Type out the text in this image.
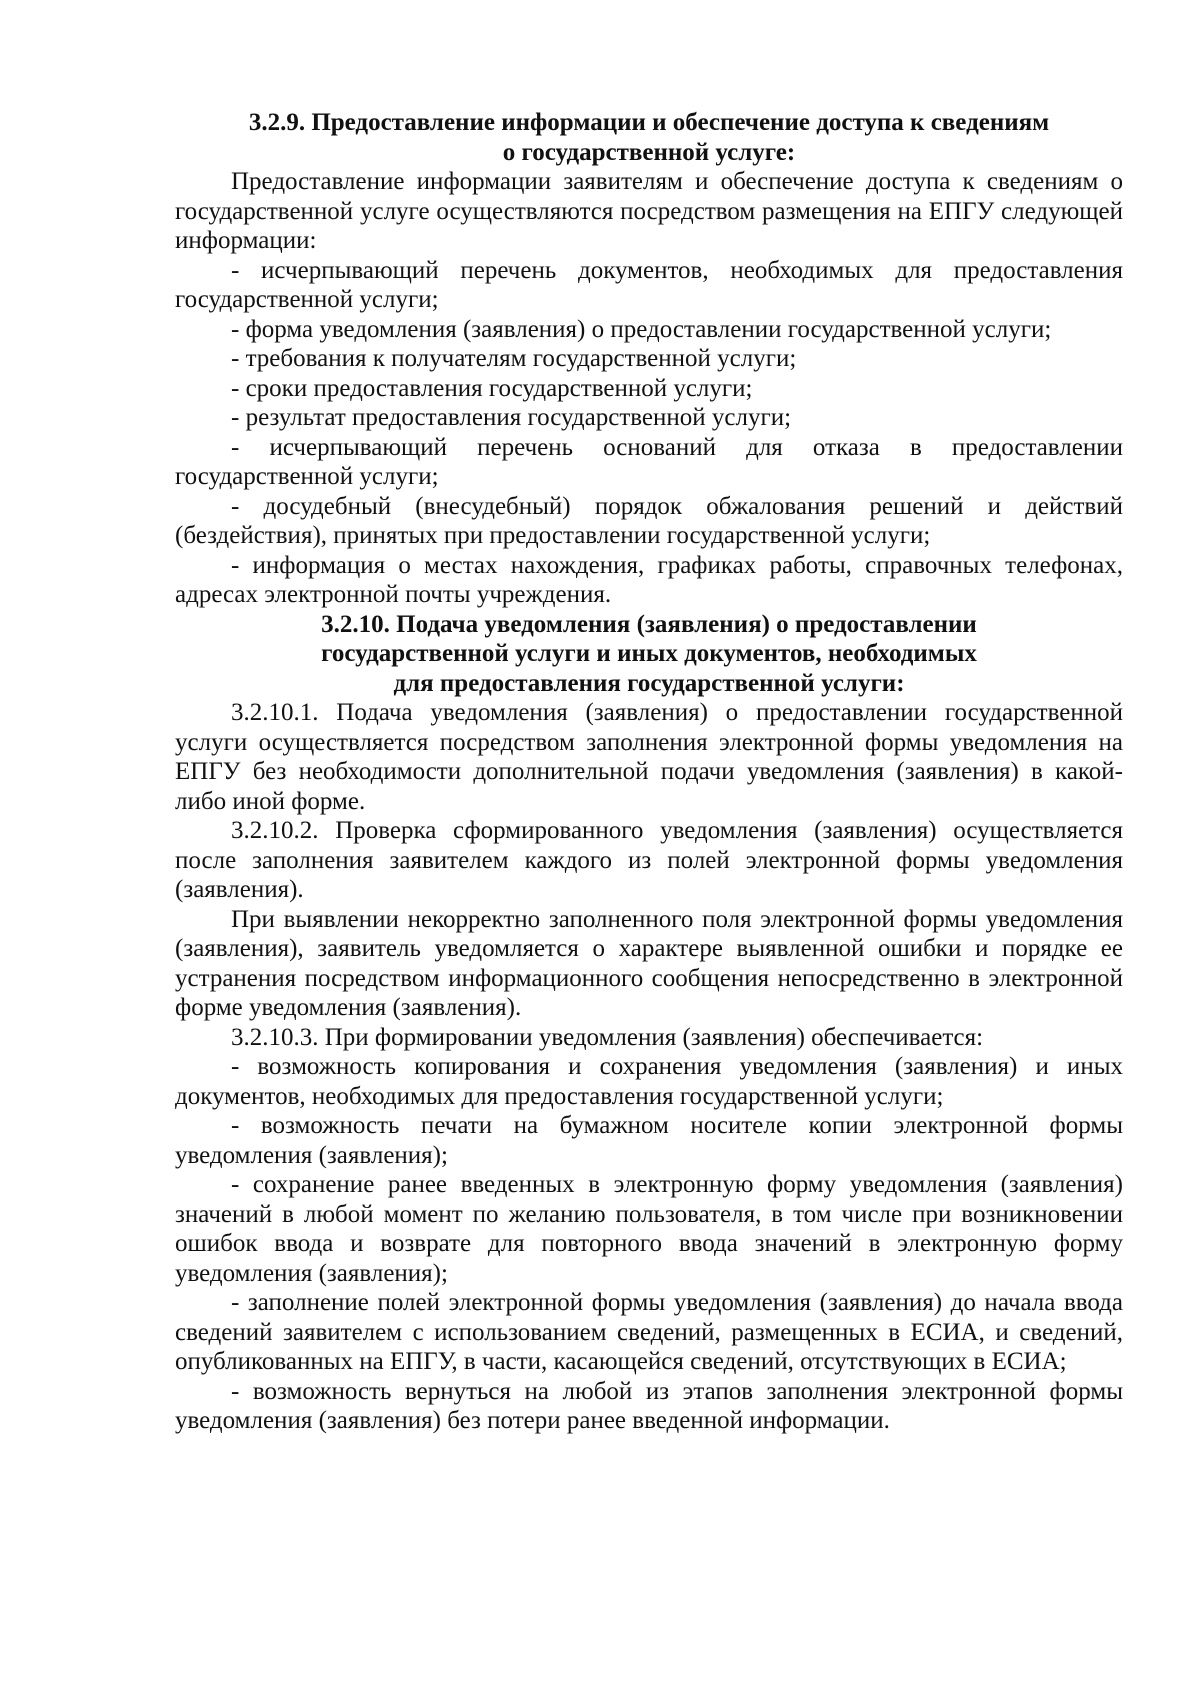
3.2.9. Предоставление информации и обеспечение доступа к сведениям
о государственной услуге:

Предоставление информации заявителям и обеспечение доступа к сведениям о государственной услуге осуществляются посредством размещения на ЕПГУ следующей информации:

- исчерпывающий перечень документов, необходимых для предоставления государственной услуги;

- форма уведомления (заявления) о предоставлении государственной услуги;

- требования к получателям государственной услуги;

- сроки предоставления государственной услуги;

- результат предоставления государственной услуги;

- исчерпывающий перечень оснований для отказа в предоставлении государственной услуги;

- досудебный (внесудебный) порядок обжалования решений и действий (бездействия), принятых при предоставлении государственной услуги;

- информация о местах нахождения, графиках работы, справочных телефонах, адресах электронной почты учреждения.

3.2.10. Подача уведомления (заявления) о предоставлении
государственной услуги и иных документов, необходимых
для предоставления государственной услуги:

3.2.10.1. Подача уведомления (заявления) о предоставлении государственной услуги осуществляется посредством заполнения электронной формы уведомления на ЕПГУ без необходимости дополнительной подачи уведомления (заявления) в какой-либо иной форме.

3.2.10.2. Проверка сформированного уведомления (заявления) осуществляется после заполнения заявителем каждого из полей электронной формы уведомления (заявления).

При выявлении некорректно заполненного поля электронной формы уведомления (заявления), заявитель уведомляется о характере выявленной ошибки и порядке ее устранения посредством информационного сообщения непосредственно в электронной форме уведомления (заявления).

3.2.10.3. При формировании уведомления (заявления) обеспечивается:

- возможность копирования и сохранения уведомления (заявления) и иных документов, необходимых для предоставления государственной услуги;

- возможность печати на бумажном носителе копии электронной формы уведомления (заявления);

- сохранение ранее введенных в электронную форму уведомления (заявления) значений в любой момент по желанию пользователя, в том числе при возникновении ошибок ввода и возврате для повторного ввода значений в электронную форму уведомления (заявления);

- заполнение полей электронной формы уведомления (заявления) до начала ввода сведений заявителем с использованием сведений, размещенных в ЕСИА, и сведений, опубликованных на ЕПГУ, в части, касающейся сведений, отсутствующих в ЕСИА;

- возможность вернуться на любой из этапов заполнения электронной формы уведомления (заявления) без потери ранее введенной информации.
